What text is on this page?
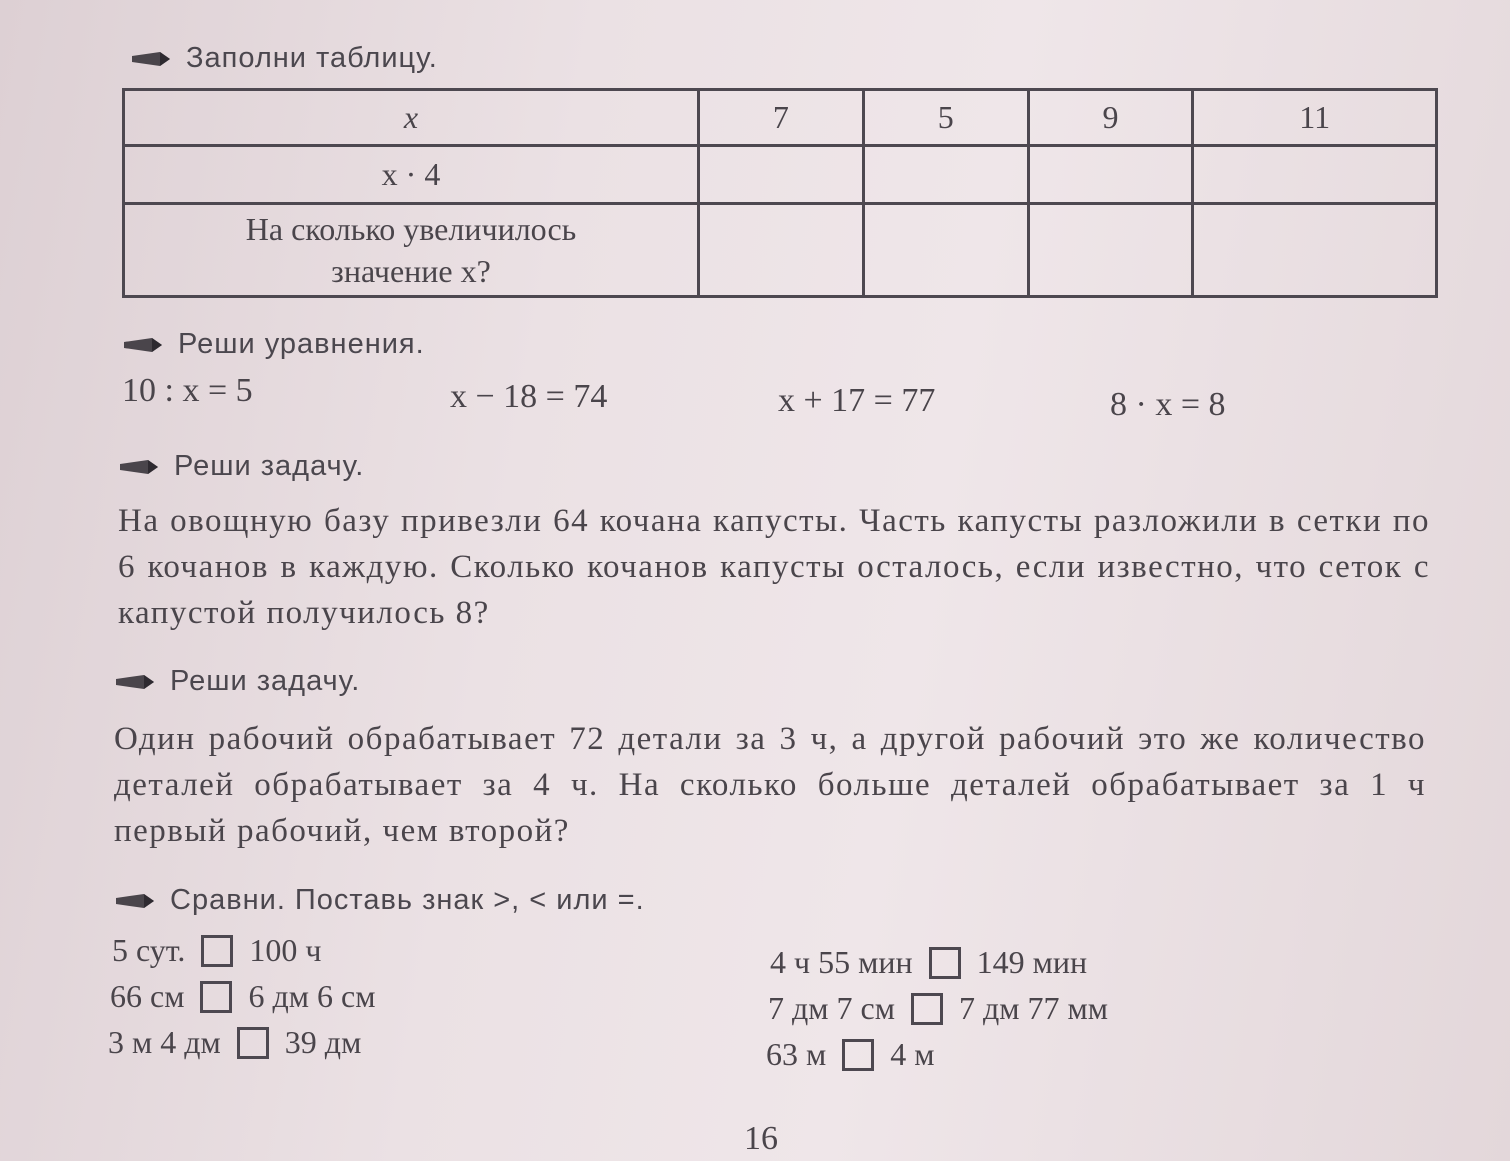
Заполни таблицу.
x	7	5	9	11
x · 4				

На сколько увеличилось
значение x?				

Реши уравнения.
10 : x = 5	x − 18 = 74	x + 17 = 77	8 · x = 8
Реши задачу.
На овощную базу привезли 64 кочана капусты. Часть капусты разложили в сетки по 6 кочанов в каждую. Сколько кочанов капусты осталось, если известно, что сеток с капустой получилось 8?
Реши задачу.
Один рабочий обрабатывает 72 детали за 3 ч, а другой рабочий это же количество деталей обрабатывает за 4 ч. На сколько больше деталей обрабатывает за 1 ч первый рабочий, чем второй?
Сравни. Поставь знак >, < или =.
5 сут. 100 ч
66 см 6 дм 6 см
3 м 4 дм 39 дм
4 ч 55 мин 149 мин
7 дм 7 см 7 дм 77 мм
63 м 4 м
16
